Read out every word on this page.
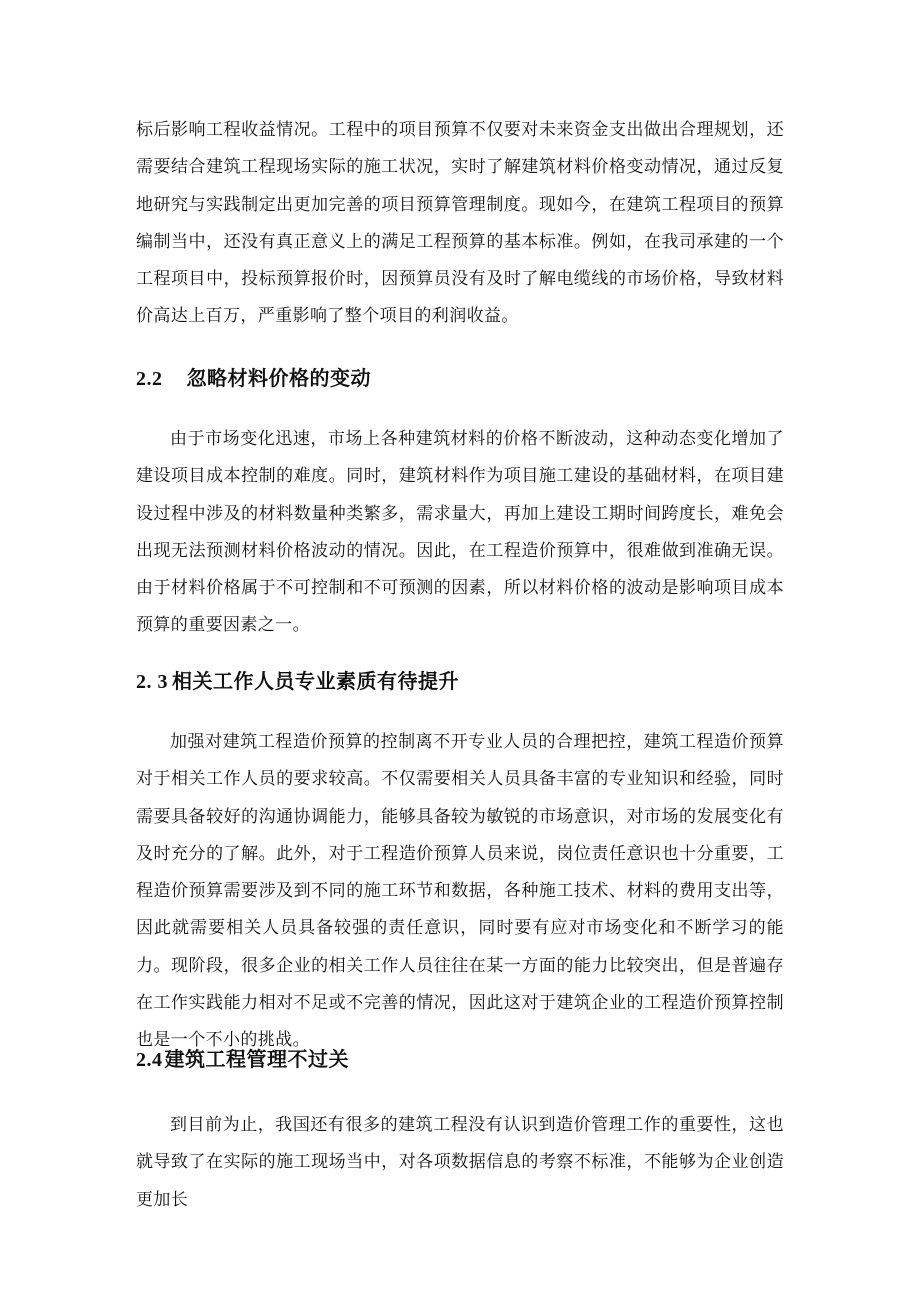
标后影响工程收益情况。工程中的项目预算不仅要对未来资金支出做出合理规划，还需要结合建筑工程现场实际的施工状况，实时了解建筑材料价格变动情况，通过反复地研究与实践制定出更加完善的项目预算管理制度。现如今，在建筑工程项目的预算编制当中，还没有真正意义上的满足工程预算的基本标准。例如，在我司承建的一个工程项目中，投标预算报价时，因预算员没有及时了解电缆线的市场价格，导致材料价高达上百万，严重影响了整个项目的利润收益。

2.2 忽略材料价格的变动

由于市场变化迅速，市场上各种建筑材料的价格不断波动，这种动态变化增加了建设项目成本控制的难度。同时，建筑材料作为项目施工建设的基础材料，在项目建设过程中涉及的材料数量种类繁多，需求量大，再加上建设工期时间跨度长，难免会出现无法预测材料价格波动的情况。因此，在工程造价预算中，很难做到准确无误。由于材料价格属于不可控制和不可预测的因素，所以材料价格的波动是影响项目成本预算的重要因素之一。

2. 3 相关工作人员专业素质有待提升

加强对建筑工程造价预算的控制离不开专业人员的合理把控，建筑工程造价预算对于相关工作人员的要求较高。不仅需要相关人员具备丰富的专业知识和经验，同时需要具备较好的沟通协调能力，能够具备较为敏锐的市场意识，对市场的发展变化有及时充分的了解。此外，对于工程造价预算人员来说，岗位责任意识也十分重要，工程造价预算需要涉及到不同的施工环节和数据，各种施工技术、材料的费用支出等，因此就需要相关人员具备较强的责任意识，同时要有应对市场变化和不断学习的能力。现阶段，很多企业的相关工作人员往往在某一方面的能力比较突出，但是普遍存在工作实践能力相对不足或不完善的情况，因此这对于建筑企业的工程造价预算控制也是一个不小的挑战。

2.4 建筑工程管理不过关

到目前为止，我国还有很多的建筑工程没有认识到造价管理工作的重要性，这也就导致了在实际的施工现场当中，对各项数据信息的考察不标准，不能够为企业创造更加长
